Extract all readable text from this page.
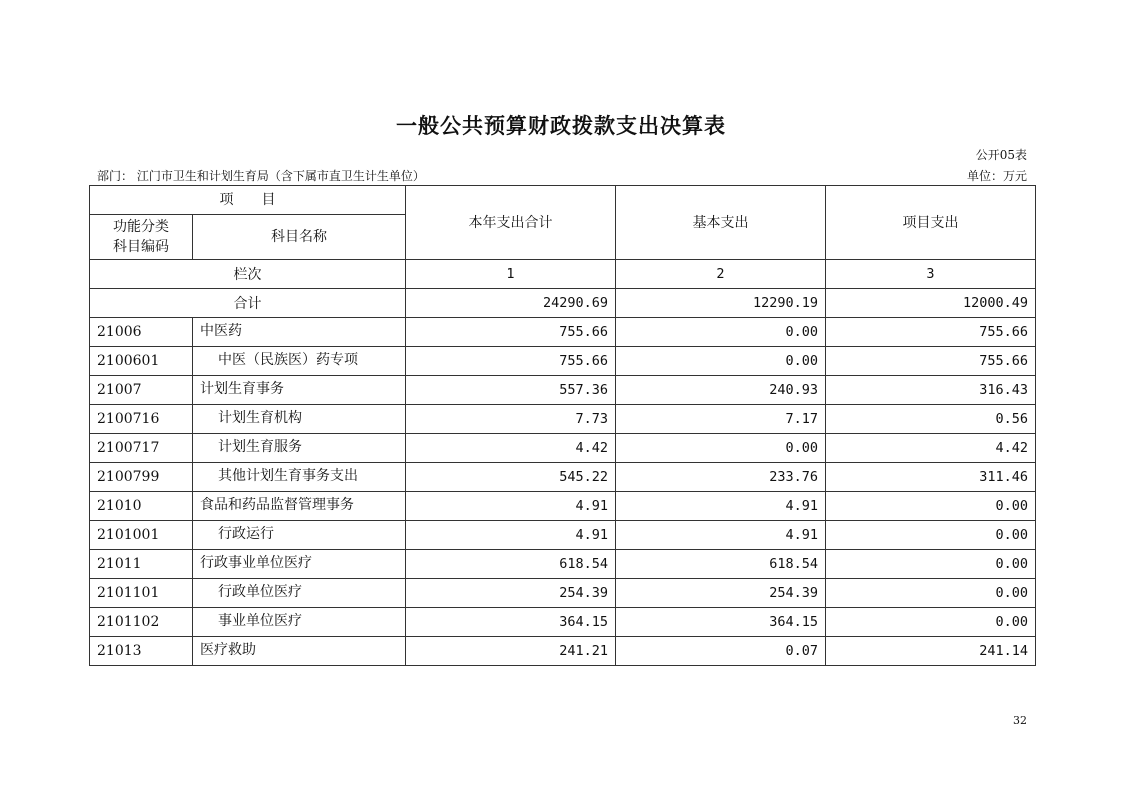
一般公共预算财政拨款支出决算表
公开05表
部门： 江门市卫生和计划生育局（含下属市直卫生计生单位）	单位：万元
项　　目		本年支出合计	基本支出	项目支出
功能分类
科目编码	科目名称			
栏次		1	2	3
合计		24290.69	12290.19	12000.49
21006	中医药	755.66	0.00	755.66
2100601	中医（民族医）药专项	755.66	0.00	755.66
21007	计划生育事务	557.36	240.93	316.43
2100716	计划生育机构	7.73	7.17	0.56
2100717	计划生育服务	4.42	0.00	4.42
2100799	其他计划生育事务支出	545.22	233.76	311.46
21010	食品和药品监督管理事务	4.91	4.91	0.00
2101001	行政运行	4.91	4.91	0.00
21011	行政事业单位医疗	618.54	618.54	0.00
2101101	行政单位医疗	254.39	254.39	0.00
2101102	事业单位医疗	364.15	364.15	0.00
21013	医疗救助	241.21	0.07	241.14
32
